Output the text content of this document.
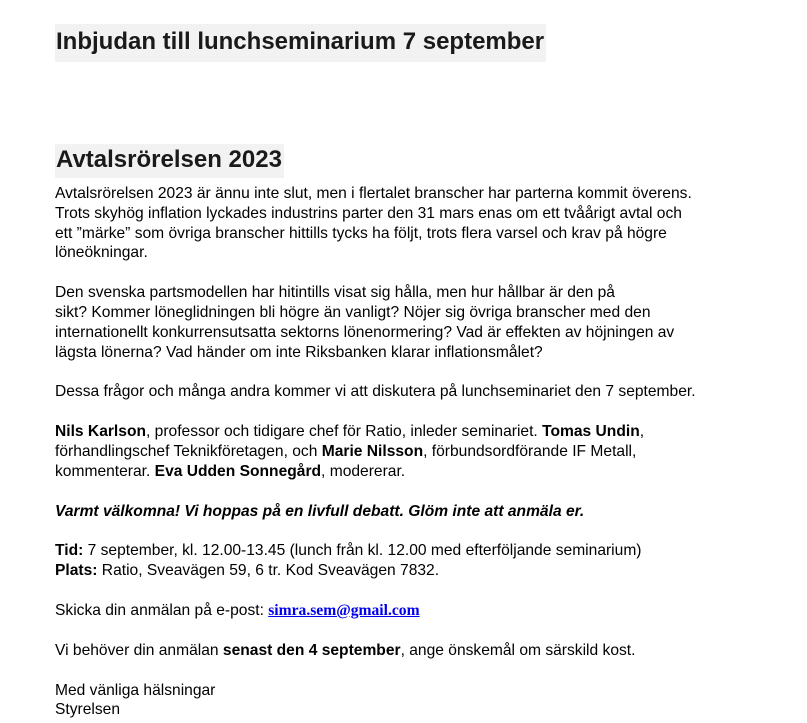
Inbjudan till lunchseminarium 7 september
Avtalsrörelsen 2023

Avtalsrörelsen 2023 är ännu inte slut, men i flertalet branscher har parterna kommit överens.
Trots skyhög inflation lyckades industrins parter den 31 mars enas om ett tvåårigt avtal och
ett ”märke” som övriga branscher hittills tycks ha följt, trots flera varsel och krav på högre
löneökningar.

Den svenska partsmodellen har hitintills visat sig hålla, men hur hållbar är den på
sikt? Kommer löneglidningen bli högre än vanligt? Nöjer sig övriga branscher med den
internationellt konkurrensutsatta sektorns lönenormering? Vad är effekten av höjningen av
lägsta lönerna? Vad händer om inte Riksbanken klarar inflationsmålet?

Dessa frågor och många andra kommer vi att diskutera på lunchseminariet den 7 september.

Nils Karlson, professor och tidigare chef för Ratio, inleder seminariet. Tomas Undin,
förhandlingschef Teknikföretagen, och Marie Nilsson, förbundsordförande IF Metall,
kommenterar. Eva Udden Sonnegård, modererar.

Varmt välkomna! Vi hoppas på en livfull debatt. Glöm inte att anmäla er.

Tid: 7 september, kl. 12.00-13.45 (lunch från kl. 12.00 med efterföljande seminarium)
Plats: Ratio, Sveavägen 59, 6 tr. Kod Sveavägen 7832.

Skicka din anmälan på e-post: simra.sem@gmail.com

Vi behöver din anmälan senast den 4 september, ange önskemål om särskild kost.

Med vänliga hälsningar
Styrelsen
